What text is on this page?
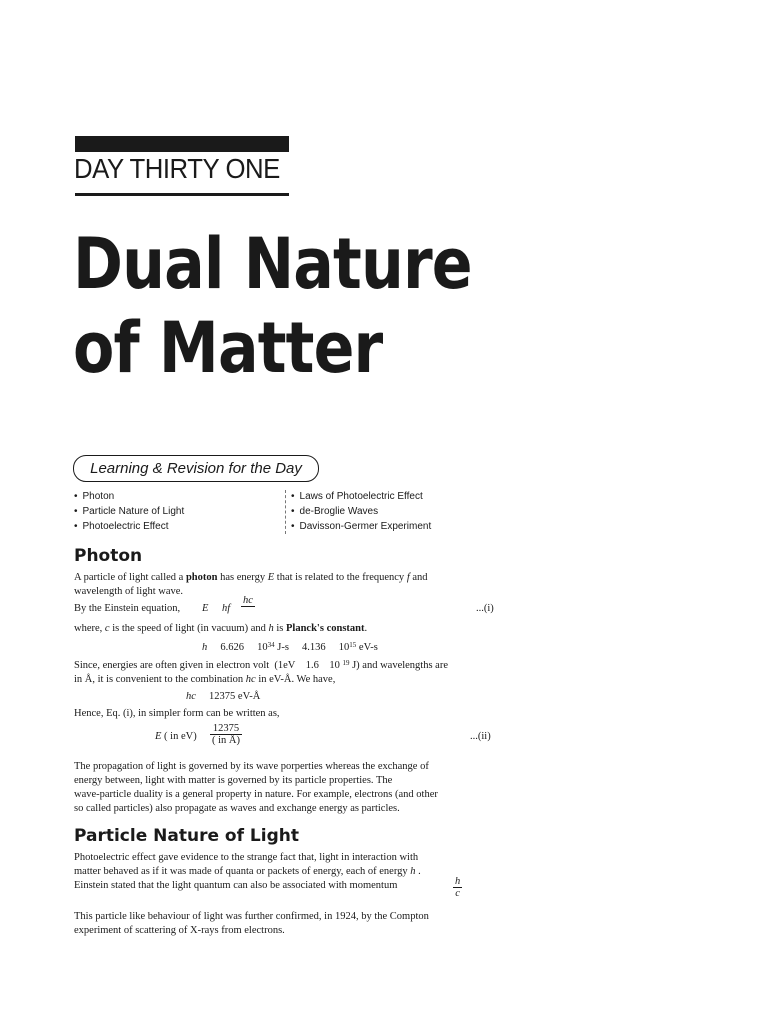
DAY THIRTY ONE
Dual Nature
of Matter
Learning & Revision for the Day
• Photon
• Particle Nature of Light
• Photoelectric Effect
• Laws of Photoelectric Effect
• de-Broglie Waves
• Davisson-Germer Experiment
Photon
A particle of light called a photon has energy E that is related to the frequency f and
wavelength of light wave.
By the Einstein equation, E hf
hc

...(i)
where, c is the speed of light (in vacuum) and h is Planck's constant.
h 6.626 $10^{34}$ J-s 4.136 $10^{15}$ eV-s
Since, energies are often given in electron volt  (1eV    1.6    10 $^{19}$ J) and wavelengths are
in Å, it is convenient to the combination hc in eV-Å. We have,
hc 12375 eV-Å
Hence, Eq. (i), in simpler form can be written as,
E ( in $eV) \frac{12375}{\text{( in Å)}}$	...(ii)
The propagation of light is governed by its wave porperties whereas the exchange of
energy between, light with matter is governed by its particle properties. The
wave-particle duality is a general property in nature. For example, electrons (and other
so called particles) also propagate as waves and exchange energy as particles.
Particle Nature of Light
Photoelectric effect gave evidence to the strange fact that, light in interaction with
matter behaved as if it was made of quanta or packets of energy, each of energy h .
Einstein stated that the light quantum can also be associated with momentum	$\frac{h}{c}$
This particle like behaviour of light was further confirmed, in 1924, by the Compton
experiment of scattering of X-rays from electrons.
